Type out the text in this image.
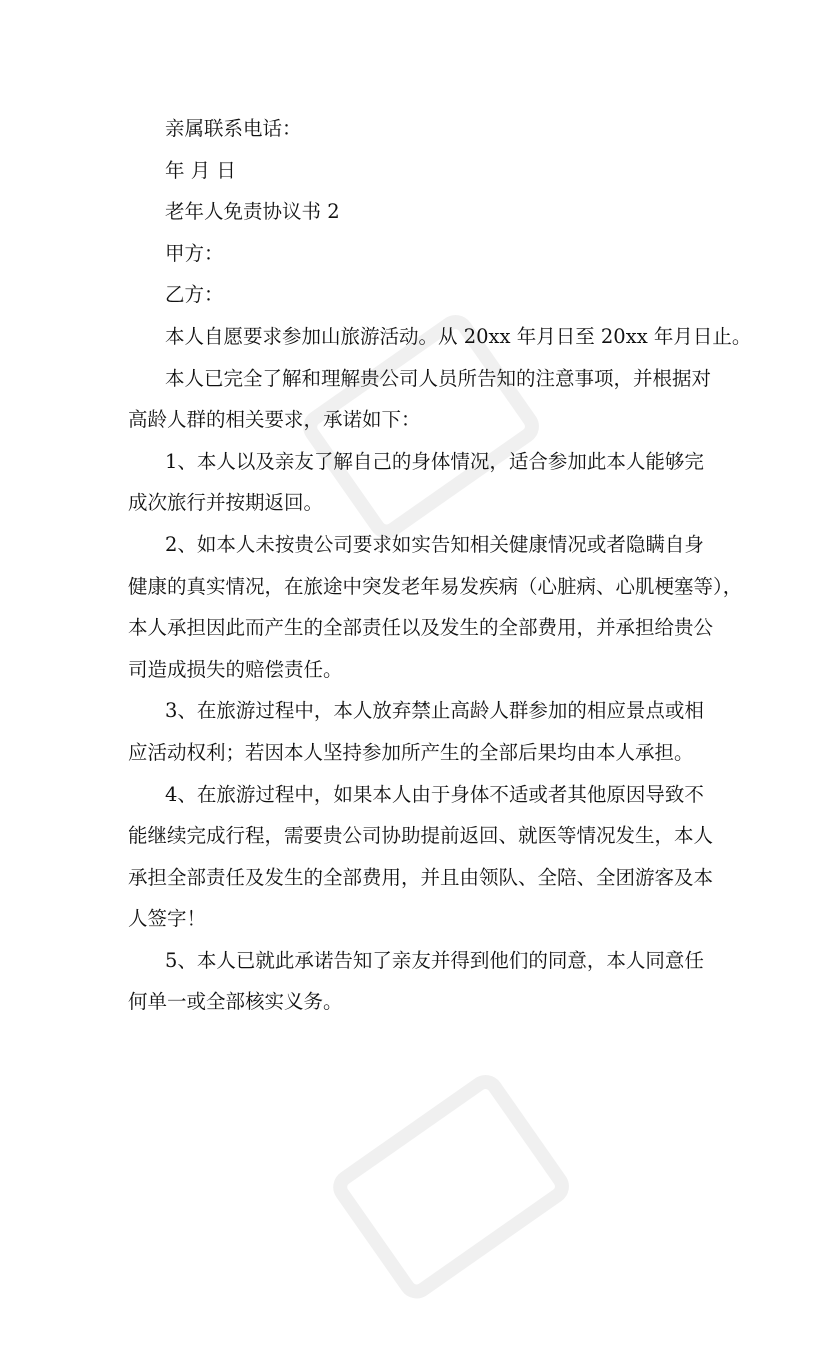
亲属联系电话：

年 月 日

老年人免责协议书 2

甲方：

乙方：

本人自愿要求参加山旅游活动。从 20xx 年月日至 20xx 年月日止。

本人已完全了解和理解贵公司人员所告知的注意事项，并根据对

高龄人群的相关要求，承诺如下：

1、本人以及亲友了解自己的身体情况，适合参加此本人能够完

成次旅行并按期返回。

2、如本人未按贵公司要求如实告知相关健康情况或者隐瞒自身

健康的真实情况，在旅途中突发老年易发疾病（心脏病、心肌梗塞等），

本人承担因此而产生的全部责任以及发生的全部费用，并承担给贵公

司造成损失的赔偿责任。

3、在旅游过程中，本人放弃禁止高龄人群参加的相应景点或相

应活动权利；若因本人坚持参加所产生的全部后果均由本人承担。

4、在旅游过程中，如果本人由于身体不适或者其他原因导致不

能继续完成行程，需要贵公司协助提前返回、就医等情况发生，本人

承担全部责任及发生的全部费用，并且由领队、全陪、全团游客及本

人签字！

5、本人已就此承诺告知了亲友并得到他们的同意，本人同意任

何单一或全部核实义务。
